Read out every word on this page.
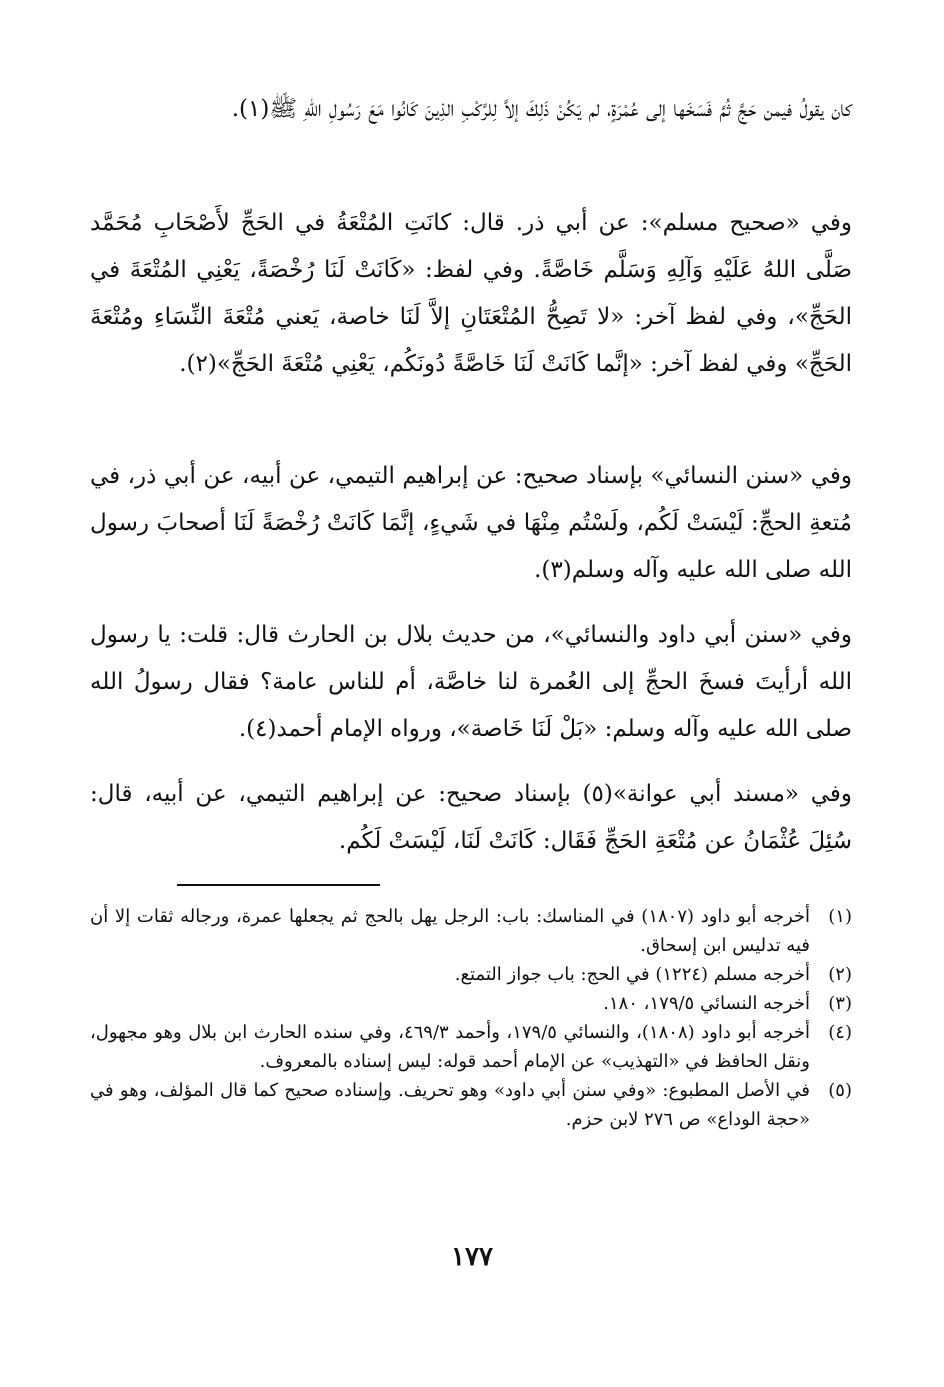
كان يقولُ فيمن حَجَّ ثُمَّ فَسَخَها إلى عُمْرَةٍ، لم يَكُنْ ذَلِكَ إلاَّ لِلرَّكْبِ الذِينَ كَانُوا مَعَ رَسُولِ اللّهِ ﷺ(١).

وفي «صحيح مسلم»: عن أبي ذر. قال: كانَتِ المُتْعَةُ في الحَجِّ لأَصْحَابِ مُحَمَّد صَلَّى اللهُ عَلَيْهِ وَآلِهِ وَسَلَّم خَاصَّةً. وفي لفظ: «كَانَتْ لَنَا رُخْصَةً، يَعْنِي المُتْعَةَ في الحَجِّ»، وفي لفظ آخر: «لا تَصِحُّ المُتْعَتَانِ إلاَّ لَنَا خاصة، يَعني مُتْعَةَ النِّسَاءِ ومُتْعَةَ الحَجِّ» وفي لفظ آخر: «إنَّما كَانَتْ لَنَا خَاصَّةً دُونَكُم، يَعْنِي مُتْعَةَ الحَجِّ»(٢).

وفي «سنن النسائي» بإسناد صحيح: عن إبراهيم التيمي، عن أبيه، عن أبي ذر، في مُتعةِ الحجِّ: لَيْسَتْ لَكُم، ولَسْتُم مِنْهَا في شَيءٍ، إنَّمَا كَانَتْ رُخْصَةً لَنَا أصحابَ رسول الله صلى الله عليه وآله وسلم(٣).

وفي «سنن أبي داود والنسائي»، من حديث بلال بن الحارث قال: قلت: يا رسول الله أرأيتَ فسخَ الحجِّ إلى العُمرة لنا خاصَّة، أم للناس عامة؟ فقال رسولُ الله صلى الله عليه وآله وسلم: «بَلْ لَنَا خَاصة»، ورواه الإمام أحمد(٤).

وفي «مسند أبي عوانة»(٥) بإسناد صحيح: عن إبراهيم التيمي، عن أبيه، قال: سُئِلَ عُثْمَانُ عن مُتْعَةِ الحَجِّ فَقَال: كَانَتْ لَنَا، لَيْسَتْ لَكُم.

(١)
أخرجه أبو داود (١٨٠٧) في المناسك: باب: الرجل يهل بالحج ثم يجعلها عمرة، ورجاله ثقات إلا أن فيه تدليس ابن إسحاق.
(٢)
أخرجه مسلم (١٢٢٤) في الحج: باب جواز التمتع.
(٣)
أخرجه النسائي ١٧٩/٥، ١٨٠.
(٤)
أخرجه أبو داود (١٨٠٨)، والنسائي ١٧٩/٥، وأحمد ٤٦٩/٣، وفي سنده الحارث ابن بلال وهو مجهول، ونقل الحافظ في «التهذيب» عن الإمام أحمد قوله: ليس إسناده بالمعروف.
(٥)
في الأصل المطبوع: «وفي سنن أبي داود» وهو تحريف. وإسناده صحيح كما قال المؤلف، وهو في «حجة الوداع» ص ٢٧٦ لابن حزم.
١٧٧
